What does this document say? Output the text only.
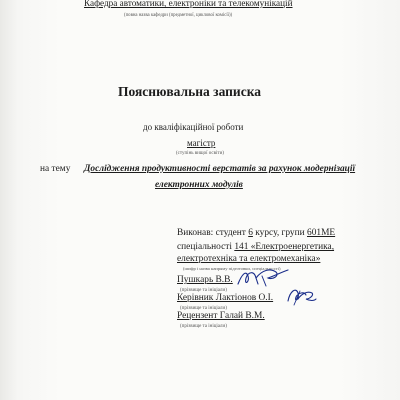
Кафедра автоматики, електроніки та телекомунікацій
(повна назва кафедри (предметної, циклової комісії))
Пояснювальна записка
до кваліфікаційної роботи
магістр
(ступінь вищої освіти)
на тему Дослідження продуктивності верстатів за рахунок модернізації
електронних модулів
Виконав: студент 6 курсу, групи 601МЕ
спеціальності 141 «Електроенергетика,
електротехніка та електромеханіка»
(шифр і назва напряму підготовки, спеціальності)
Пушкарь В.В.
(прізвище та ініціали)
Керівник Лактіонов О.І.
(прізвище та ініціали)
Рецензент Галай В.М.
(прізвище та ініціали)
